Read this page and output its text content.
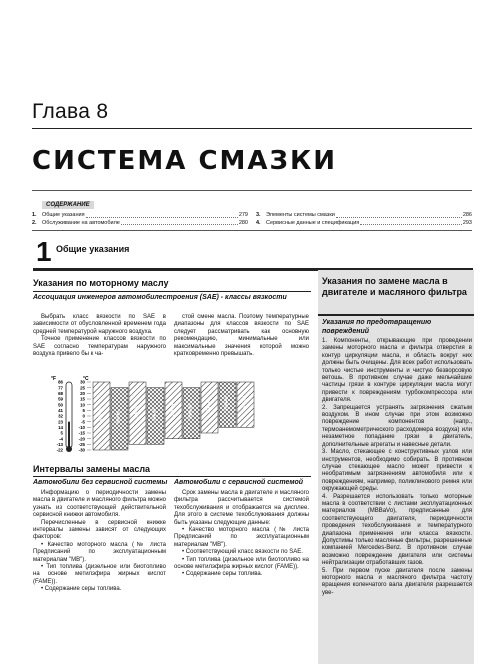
Глава 8
СИСТЕМА СМАЗКИ
СОДЕРЖАНИЕ
1. Общие указания	279
2. Обслуживание на автомобиле	280
3. Элементы системы смазки	286
4. Сервисные данные и спецификация	293
1 Общие указания
Указания по моторному маслу
Ассоциация инженеров автомобилестроения (SAE) - классы вязкости

Выбрать класс вязкости по SAE в зависимости от обусловленной временем года средней температурой наружного воздуха.

Точное применение классов вязкости по SAE согласно температурам наружного воздуха привело бы к ча-

стой смене масла. Поэтому температурные диапазоны для классов вязкости по SAE следует рассматривать как основную рекомендацию, минимальные или максимальные значения которой можно кратковременно превышать.

°F	°C
86
77
68
59
50
41
32
23
14
5
-4
-13
-22
30
25
20
15
10
5
0
-5
-10
-15
-20
-25
-30
0W-40	0W-30	5W-40	5W-30	10W-40	10W-30	15W-40	20W-40	20W-50
Интервалы замены масла
Автомобили с сервисной системой
Автомобили без сервисной системы

Информацию о периодичности замены масла в двигателе и масляного фильтра можно узнать из соответствующей действительной сервисной книжки автомобиля.

Перечисленные в сервисной книжке интервалы замены зависят от следующих факторов:

• Качество моторного масла (№ листа Предписаний по эксплуатационным материалам "MB").

• Тип топлива (дизельное или биотопливо на основе метилэфира жирных кислот (FAME)).

• Содержание серы топлива.

Срок замены масла в двигателе и масляного фильтра рассчитывается системой техобслуживания и отображается на дисплее. Для этого в системе техобслуживания должны быть указаны следующие данные:

• Качество моторного масла (№ листа Предписаний по эксплуатационным материалам "MB").

• Соответствующий класс вязкости по SAE.

• Тип топлива (дизельное или биотопливо на основе метилэфира жирных кислот (FAME)).

• Содержание серы топлива.

Указания по замене масла в двигателе и масляного фильтра
Указания по предотвращению повреждений

1. Компоненты, открывающие при проведении замены моторного масла и фильтра отверстия в контур циркуляции масла, и область вокруг них должны быть очищены. Для всех работ использовать только чистые инструменты и чистую безворсовую ветошь. В противном случае даже мельчайшие частицы грязи в контуре циркуляции масла могут привести к повреждениям турбокомпрессора или двигателя.

2. Запрещается устранять загрязнения сжатым воздухом. В ином случае при этом возможно повреждение компонентов (напр., термоанемометрического расходомера воздуха) или незаметное попадание грязи в двигатель, дополнительные агрегаты и навесные детали.

3. Масло, стекающее с конструктивных узлов или инструментов, необходимо собирать. В противном случае стекающее масло может привести к необратимым загрязнениям автомобиля или к повреждениям, например, поликлинового ремня или окружающей среды.

4. Разрешается использовать только моторные масла в соответствии с листами эксплуатационных материалов (MBBaVo), предписанные для соответствующего двигателя, периодичности проведения техобслуживания и температурного диапазона применения или класса вязкости. Допустимы только масляные фильтры, разрешенные компанией Mercedes-Benz. В противном случае возможно повреждение двигателя или системы нейтрализации отработавших газов.

5. При первом пуске двигателя после замены моторного масла и масляного фильтра частоту вращения коленчатого вала двигателя разрешается уве-
